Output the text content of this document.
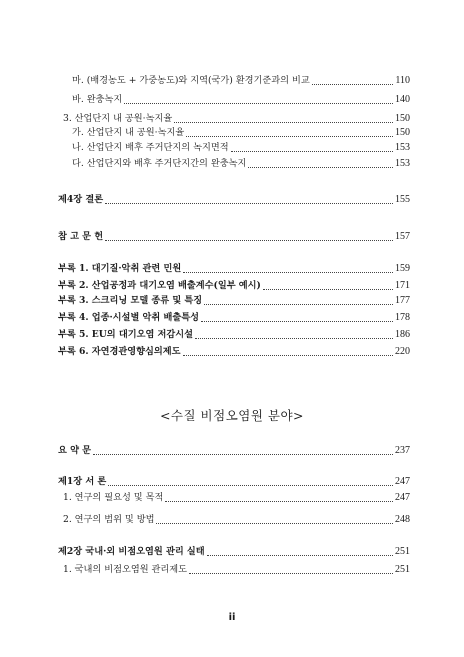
마. (배경농도 + 가중농도)와 지역(국가) 환경기준과의 비교	110
바. 완충녹지	140
3. 산업단지 내 공원·녹지율	150
가. 산업단지 내 공원·녹지율	150
나. 산업단지 배후 주거단지의 녹지면적	153
다. 산업단지와 배후 주거단지간의 완충녹지	153
제4장 결론	155
참 고 문 헌	157
부록 1. 대기질·악취 관련 민원	159
부록 2. 산업공정과 대기오염 배출계수(일부 예시)	171
부록 3. 스크리닝 모델 종류 및 특징	177
부록 4. 업종·시설별 악취 배출특성	178
부록 5. EU의 대기오염 저감시설	186
부록 6. 자연경관영향심의제도	220
<수질 비점오염원 분야>
요 약 문	237
제1장 서 론	247
1. 연구의 필요성 및 목적	247
2. 연구의 범위 및 방법	248
제2장 국내·외 비점오염원 관리 실태	251
1. 국내의 비점오염원 관리제도	251
ii
